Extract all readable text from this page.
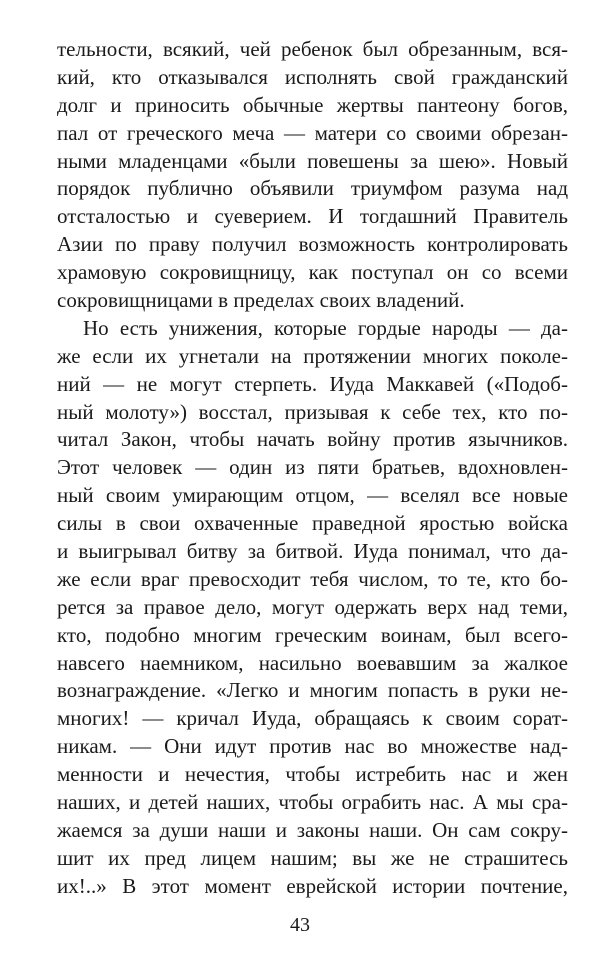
тельности, всякий, чей ребенок был обрезанным, вся-
кий, кто отказывался исполнять свой гражданский
долг и приносить обычные жертвы пантеону богов,
пал от греческого меча — матери со своими обрезан-
ными младенцами «были повешены за шею». Новый
порядок публично объявили триумфом разума над
отсталостью и суеверием. И тогдашний Правитель
Азии по праву получил возможность контролировать
храмовую сокровищницу, как поступал он со всеми
сокровищницами в пределах своих владений.
Но есть унижения, которые гордые народы — да-
же если их угнетали на протяжении многих поколе-
ний — не могут стерпеть. Иуда Маккавей («Подоб-
ный молоту») восстал, призывая к себе тех, кто по-
читал Закон, чтобы начать войну против язычников.
Этот человек — один из пяти братьев, вдохновлен-
ный своим умирающим отцом, — вселял все новые
силы в свои охваченные праведной яростью войска
и выигрывал битву за битвой. Иуда понимал, что да-
же если враг превосходит тебя числом, то те, кто бо-
рется за правое дело, могут одержать верх над теми,
кто, подобно многим греческим воинам, был всего-
навсего наемником, насильно воевавшим за жалкое
вознаграждение. «Легко и многим попасть в руки не-
многих! — кричал Иуда, обращаясь к своим сорат-
никам. — Они идут против нас во множестве над-
менности и нечестия, чтобы истребить нас и жен
наших, и детей наших, чтобы ограбить нас. А мы сра-
жаемся за души наши и законы наши. Он сам сокру-
шит их пред лицем нашим; вы же не страшитесь
их!..» В этот момент еврейской истории почтение,
43
